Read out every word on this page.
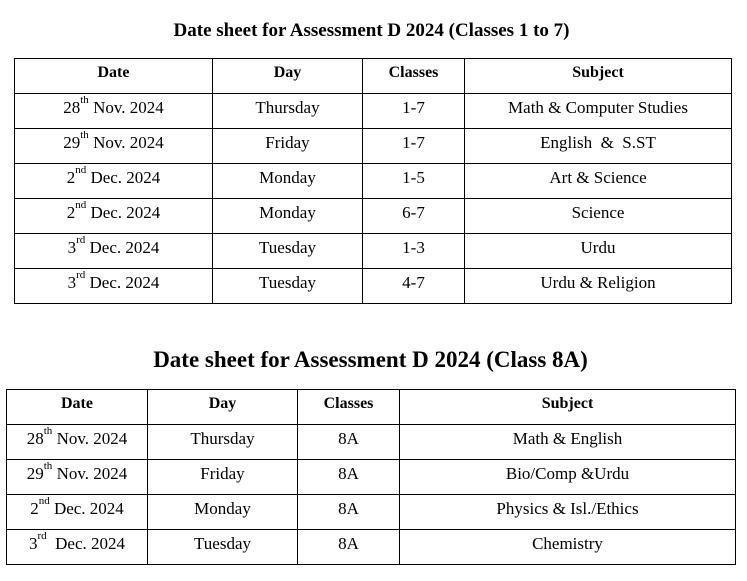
Date sheet for Assessment D 2024 (Classes 1 to 7)
Date	Day	Classes	Subject
28th Nov. 2024	Thursday	1-7	Math & Computer Studies
29th Nov. 2024	Friday	1-7	English  &  S.ST
2nd Dec. 2024	Monday	1-5	Art & Science
2nd Dec. 2024	Monday	6-7	Science
3rd Dec. 2024	Tuesday	1-3	Urdu
3rd Dec. 2024	Tuesday	4-7	Urdu & Religion
Date sheet for Assessment D 2024 (Class 8A)
Date	Day	Classes	Subject
28th Nov. 2024	Thursday	8A	Math & English
29th Nov. 2024	Friday	8A	Bio/Comp &Urdu
2nd Dec. 2024	Monday	8A	Physics & Isl./Ethics
3rd  Dec. 2024	Tuesday	8A	Chemistry
